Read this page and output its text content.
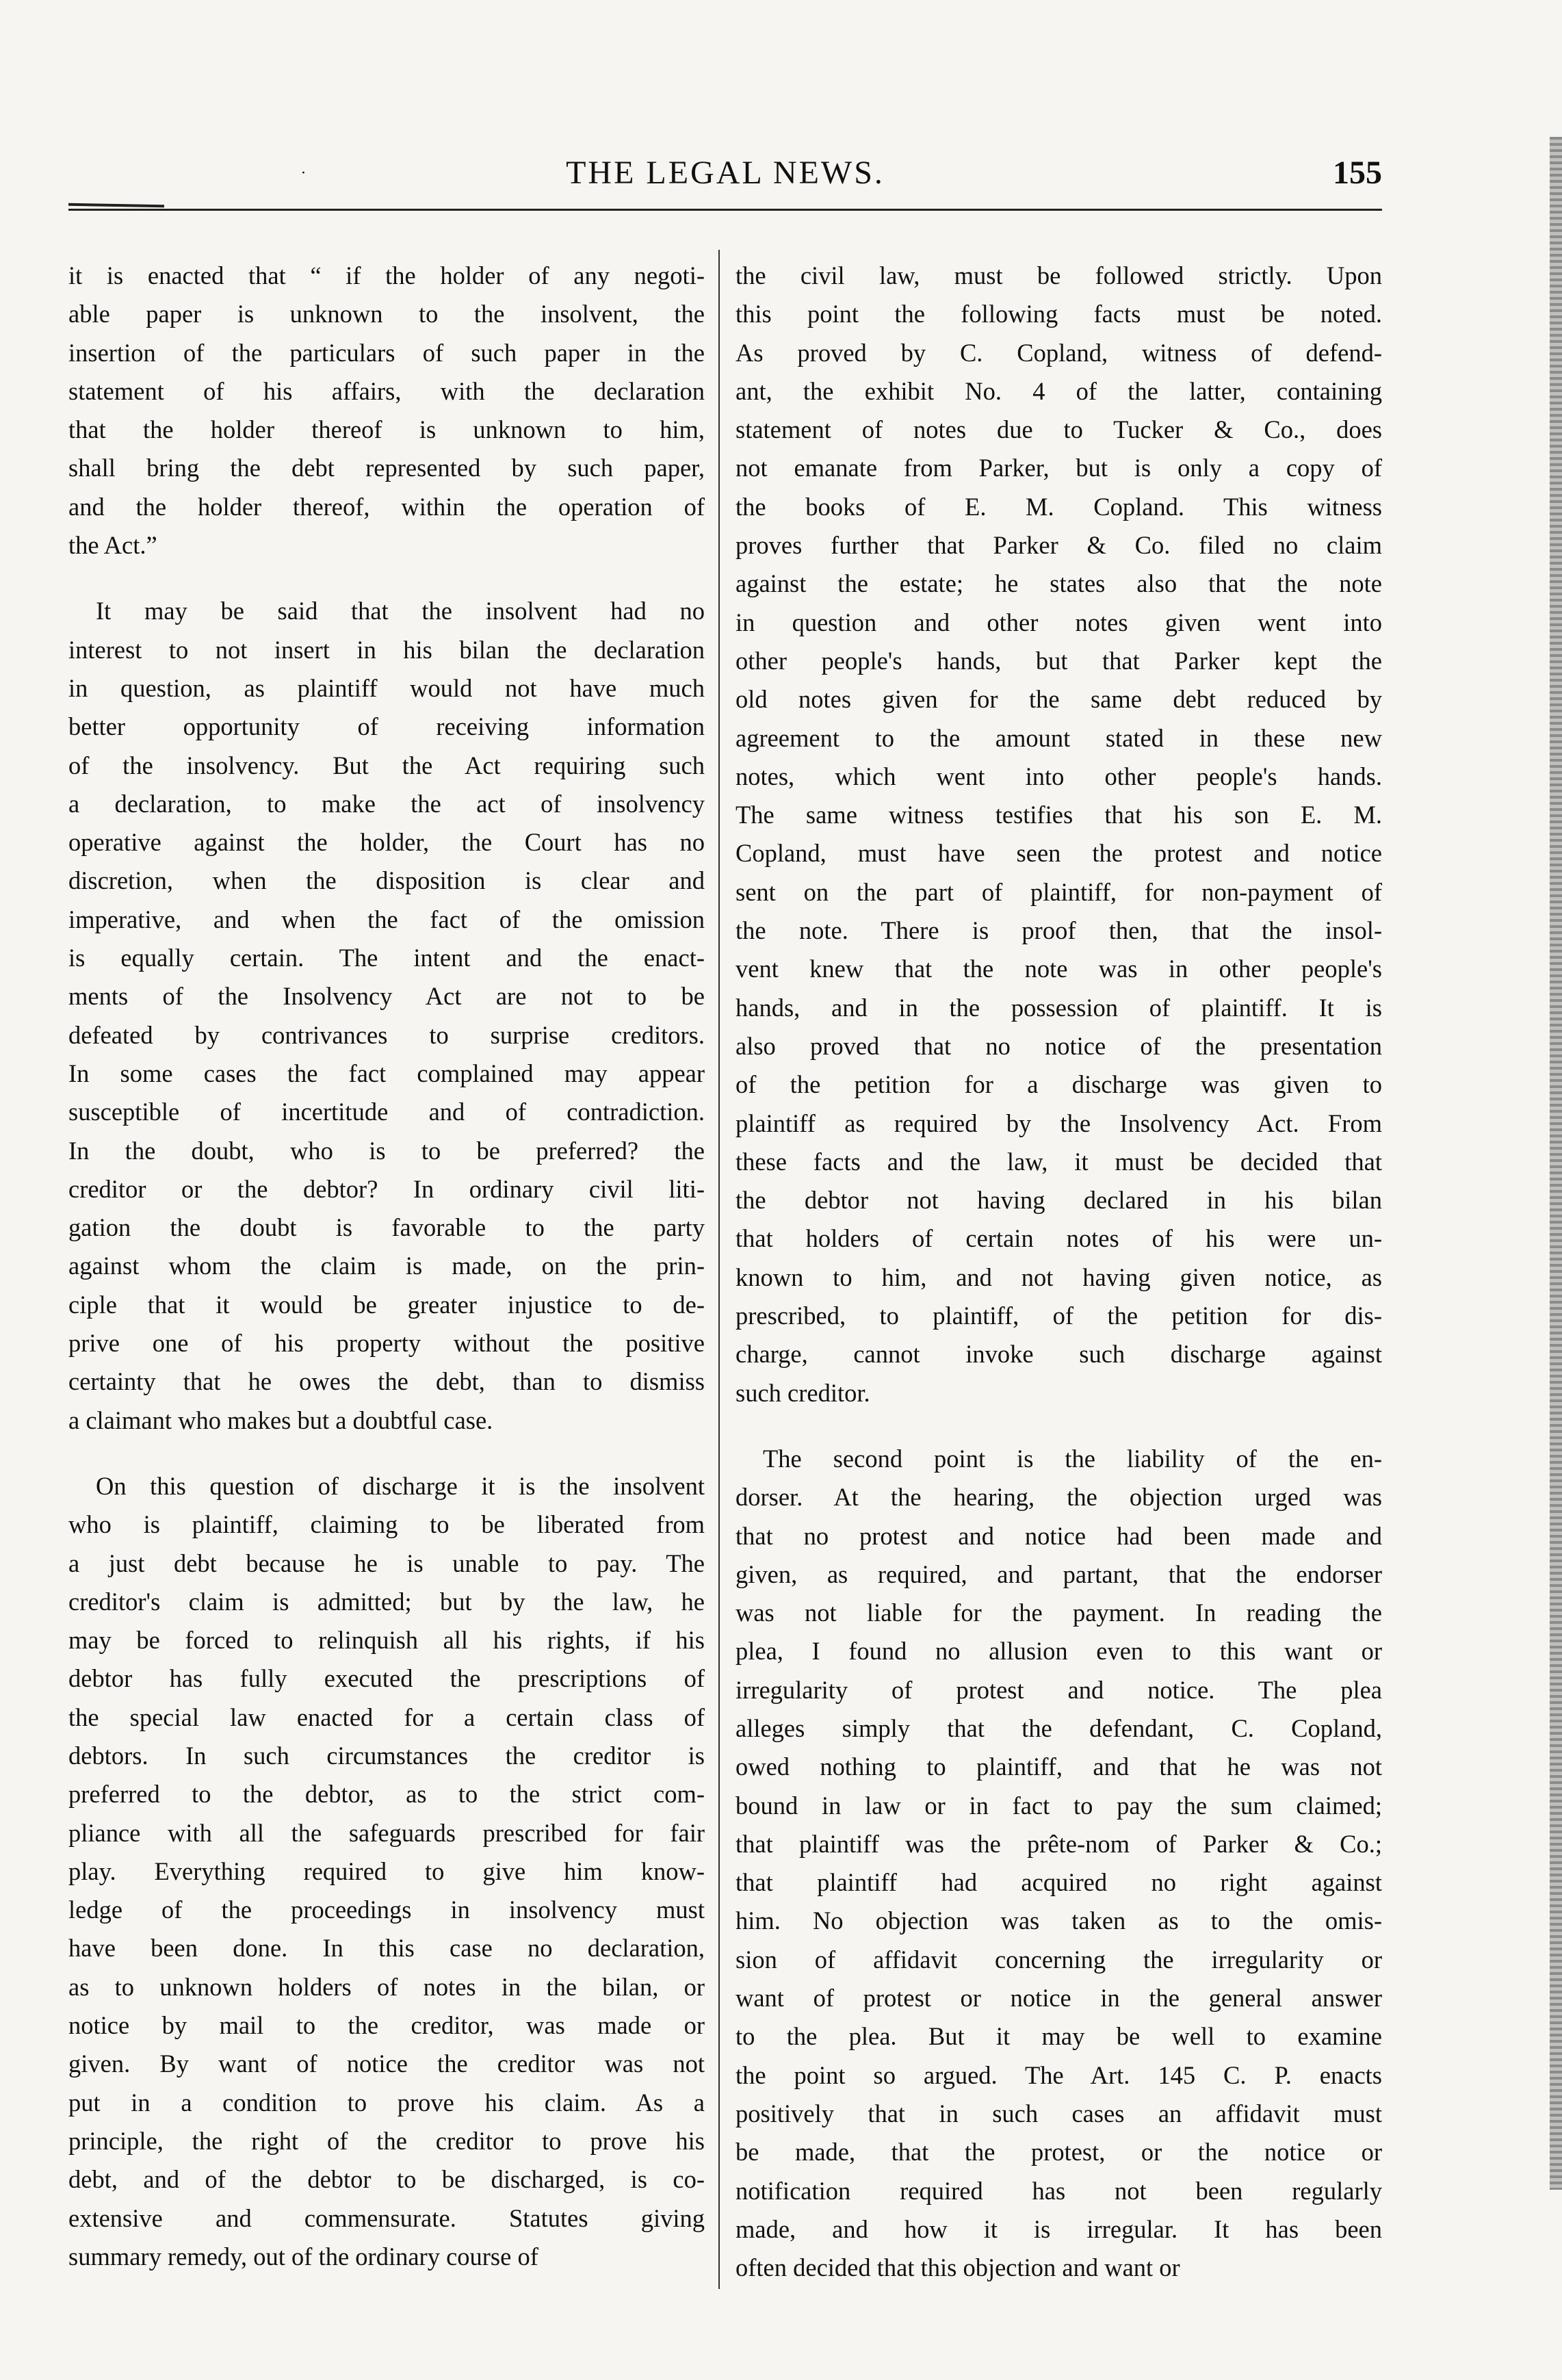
·	THE LEGAL NEWS.	155
it is enacted that “ if the holder of any negoti-
able paper is unknown to the insolvent, the
insertion of the particulars of such paper in the
statement of his affairs, with the declaration
that the holder thereof is unknown to him,
shall bring the debt represented by such paper,
and the holder thereof, within the operation of
the Act.”
It may be said that the insolvent had no
interest to not insert in his bilan the declaration
in question, as plaintiff would not have much
better opportunity of receiving information
of the insolvency. But the Act requiring such
a declaration, to make the act of insolvency
operative against the holder, the Court has no
discretion, when the disposition is clear and
imperative, and when the fact of the omission
is equally certain. The intent and the enact-
ments of the Insolvency Act are not to be
defeated by contrivances to surprise creditors.
In some cases the fact complained may appear
susceptible of incertitude and of contradiction.
In the doubt, who is to be preferred? the
creditor or the debtor? In ordinary civil liti-
gation the doubt is favorable to the party
against whom the claim is made, on the prin-
ciple that it would be greater injustice to de-
prive one of his property without the positive
certainty that he owes the debt, than to dismiss
a claimant who makes but a doubtful case.
On this question of discharge it is the insolvent
who is plaintiff, claiming to be liberated from
a just debt because he is unable to pay. The
creditor's claim is admitted; but by the law, he
may be forced to relinquish all his rights, if his
debtor has fully executed the prescriptions of
the special law enacted for a certain class of
debtors. In such circumstances the creditor is
preferred to the debtor, as to the strict com-
pliance with all the safeguards prescribed for fair
play. Everything required to give him know-
ledge of the proceedings in insolvency must
have been done. In this case no declaration,
as to unknown holders of notes in the bilan, or
notice by mail to the creditor, was made or
given. By want of notice the creditor was not
put in a condition to prove his claim. As a
principle, the right of the creditor to prove his
debt, and of the debtor to be discharged, is co-
extensive and commensurate. Statutes giving
summary remedy, out of the ordinary course of
the civil law, must be followed strictly. Upon
this point the following facts must be noted.
As proved by C. Copland, witness of defend-
ant, the exhibit No. 4 of the latter, containing
statement of notes due to Tucker & Co., does
not emanate from Parker, but is only a copy of
the books of E. M. Copland. This witness
proves further that Parker & Co. filed no claim
against the estate; he states also that the note
in question and other notes given went into
other people's hands, but that Parker kept the
old notes given for the same debt reduced by
agreement to the amount stated in these new
notes, which went into other people's hands.
The same witness testifies that his son E. M.
Copland, must have seen the protest and notice
sent on the part of plaintiff, for non-payment of
the note. There is proof then, that the insol-
vent knew that the note was in other people's
hands, and in the possession of plaintiff. It is
also proved that no notice of the presentation
of the petition for a discharge was given to
plaintiff as required by the Insolvency Act. From
these facts and the law, it must be decided that
the debtor not having declared in his bilan
that holders of certain notes of his were un-
known to him, and not having given notice, as
prescribed, to plaintiff, of the petition for dis-
charge, cannot invoke such discharge against
such creditor.
The second point is the liability of the en-
dorser. At the hearing, the objection urged was
that no protest and notice had been made and
given, as required, and partant, that the endorser
was not liable for the payment. In reading the
plea, I found no allusion even to this want or
irregularity of protest and notice. The plea
alleges simply that the defendant, C. Copland,
owed nothing to plaintiff, and that he was not
bound in law or in fact to pay the sum claimed;
that plaintiff was the prête-nom of Parker & Co.;
that plaintiff had acquired no right against
him. No objection was taken as to the omis-
sion of affidavit concerning the irregularity or
want of protest or notice in the general answer
to the plea. But it may be well to examine
the point so argued. The Art. 145 C. P. enacts
positively that in such cases an affidavit must
be made, that the protest, or the notice or
notification required has not been regularly
made, and how it is irregular. It has been
often decided that this objection and want or
